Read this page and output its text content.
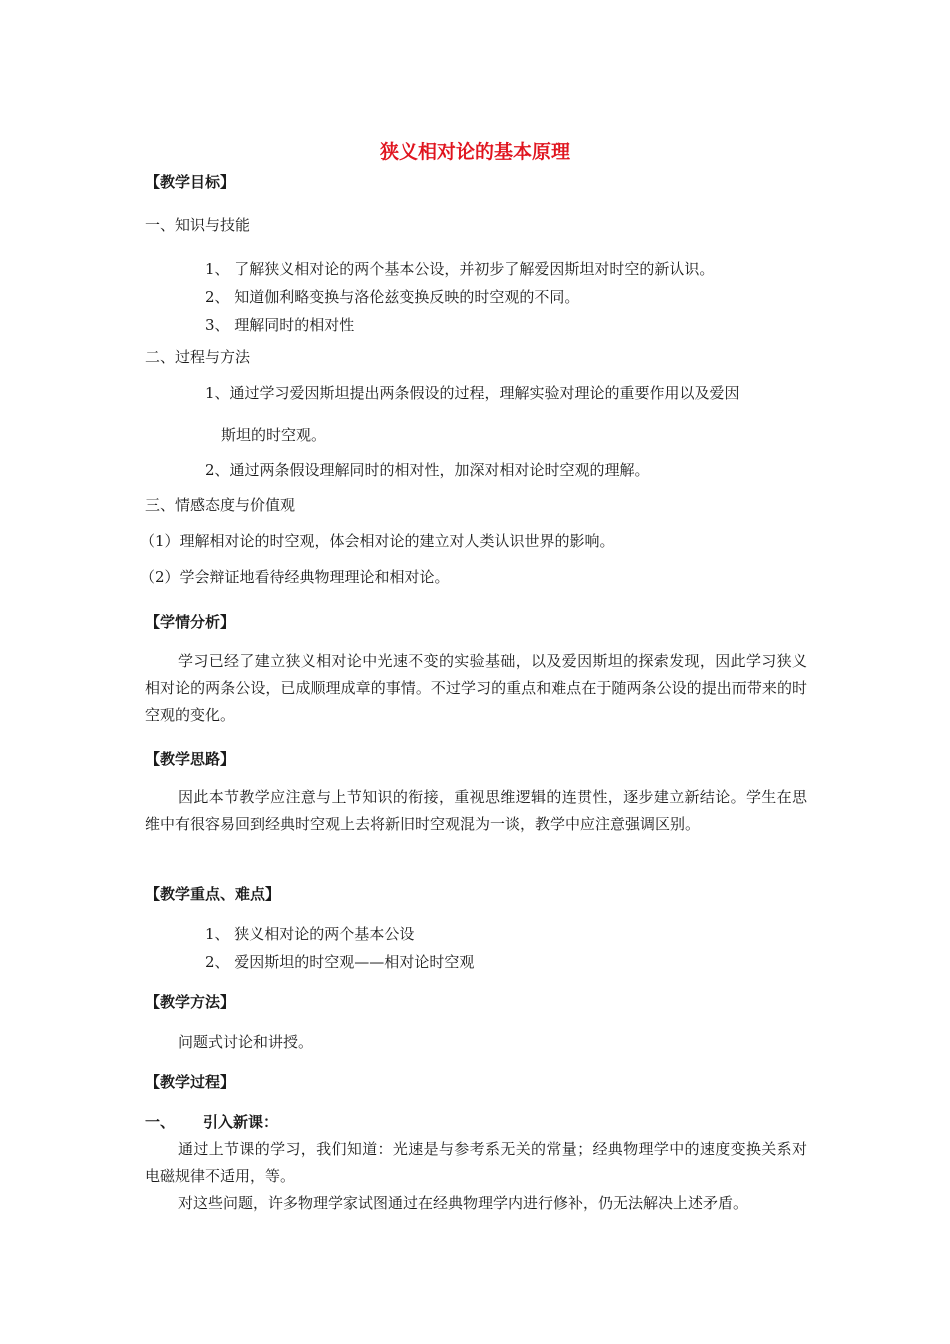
狭义相对论的基本原理
【教学目标】
一、知识与技能
1、 了解狭义相对论的两个基本公设，并初步了解爱因斯坦对时空的新认识。
2、 知道伽利略变换与洛伦兹变换反映的时空观的不同。
3、 理解同时的相对性
二、过程与方法
1、通过学习爱因斯坦提出两条假设的过程，理解实验对理论的重要作用以及爱因
斯坦的时空观。
2、通过两条假设理解同时的相对性，加深对相对论时空观的理解。
三、情感态度与价值观
（1）理解相对论的时空观，体会相对论的建立对人类认识世界的影响。
（2）学会辩证地看待经典物理理论和相对论。
【学情分析】
学习已经了建立狭义相对论中光速不变的实验基础，以及爱因斯坦的探索发现，因此学习狭义相对论的两条公设，已成顺理成章的事情。不过学习的重点和难点在于随两条公设的提出而带来的时空观的变化。
【教学思路】
因此本节教学应注意与上节知识的衔接，重视思维逻辑的连贯性，逐步建立新结论。学生在思维中有很容易回到经典时空观上去将新旧时空观混为一谈，教学中应注意强调区别。
【教学重点、难点】
1、 狭义相对论的两个基本公设
2、 爱因斯坦的时空观——相对论时空观
【教学方法】
问题式讨论和讲授。
【教学过程】
一、 引入新课：
通过上节课的学习，我们知道：光速是与参考系无关的常量；经典物理学中的速度变换关系对电磁规律不适用，等。
对这些问题，许多物理学家试图通过在经典物理学内进行修补，仍无法解决上述矛盾。
